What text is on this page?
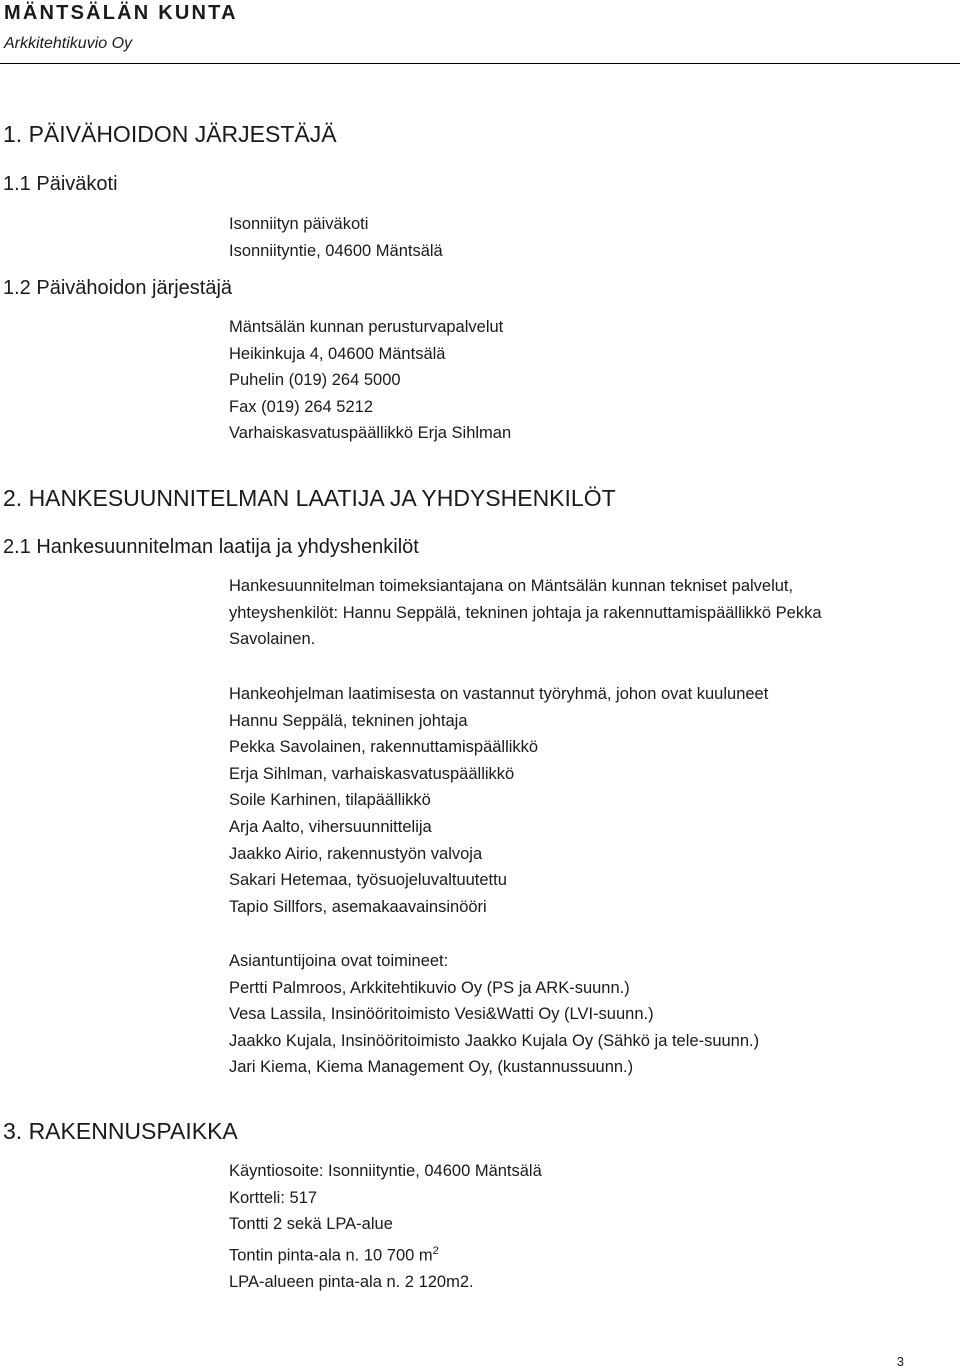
MÄNTSÄLÄN KUNTA
Arkkitehtikuvio Oy
1. PÄIVÄHOIDON JÄRJESTÄJÄ
1.1 Päiväkoti
Isonniityn päiväkoti
Isonniityntie, 04600 Mäntsälä
1.2 Päivähoidon järjestäjä
Mäntsälän kunnan perusturvapalvelut
Heikinkuja 4, 04600 Mäntsälä
Puhelin (019) 264 5000
Fax (019) 264 5212
Varhaiskasvatuspäällikkö Erja Sihlman
2. HANKESUUNNITELMAN LAATIJA JA YHDYSHENKILÖT
2.1 Hankesuunnitelman laatija ja yhdyshenkilöt
Hankesuunnitelman toimeksiantajana on Mäntsälän kunnan tekniset palvelut,
yhteyshenkilöt: Hannu Seppälä, tekninen johtaja ja rakennuttamispäällikkö Pekka
Savolainen.
Hankeohjelman laatimisesta on vastannut työryhmä, johon ovat kuuluneet
Hannu Seppälä, tekninen johtaja
Pekka Savolainen, rakennuttamispäällikkö
Erja Sihlman, varhaiskasvatuspäällikkö
Soile Karhinen, tilapäällikkö
Arja Aalto, vihersuunnittelija
Jaakko Airio, rakennustyön valvoja
Sakari Hetemaa, työsuojeluvaltuutettu
Tapio Sillfors, asemakaavainsinööri
Asiantuntijoina ovat toimineet:
Pertti Palmroos, Arkkitehtikuvio Oy (PS ja ARK-suunn.)
Vesa Lassila, Insinööritoimisto Vesi&Watti Oy (LVI-suunn.)
Jaakko Kujala, Insinööritoimisto Jaakko Kujala Oy (Sähkö ja tele-suunn.)
Jari Kiema, Kiema Management Oy, (kustannussuunn.)
3. RAKENNUSPAIKKA
Käyntiosoite: Isonniityntie, 04600 Mäntsälä
Kortteli: 517
Tontti 2 sekä LPA-alue
Tontin pinta-ala n. 10 700 $m^2$
LPA-alueen pinta-ala n. 2 120m2.
3
